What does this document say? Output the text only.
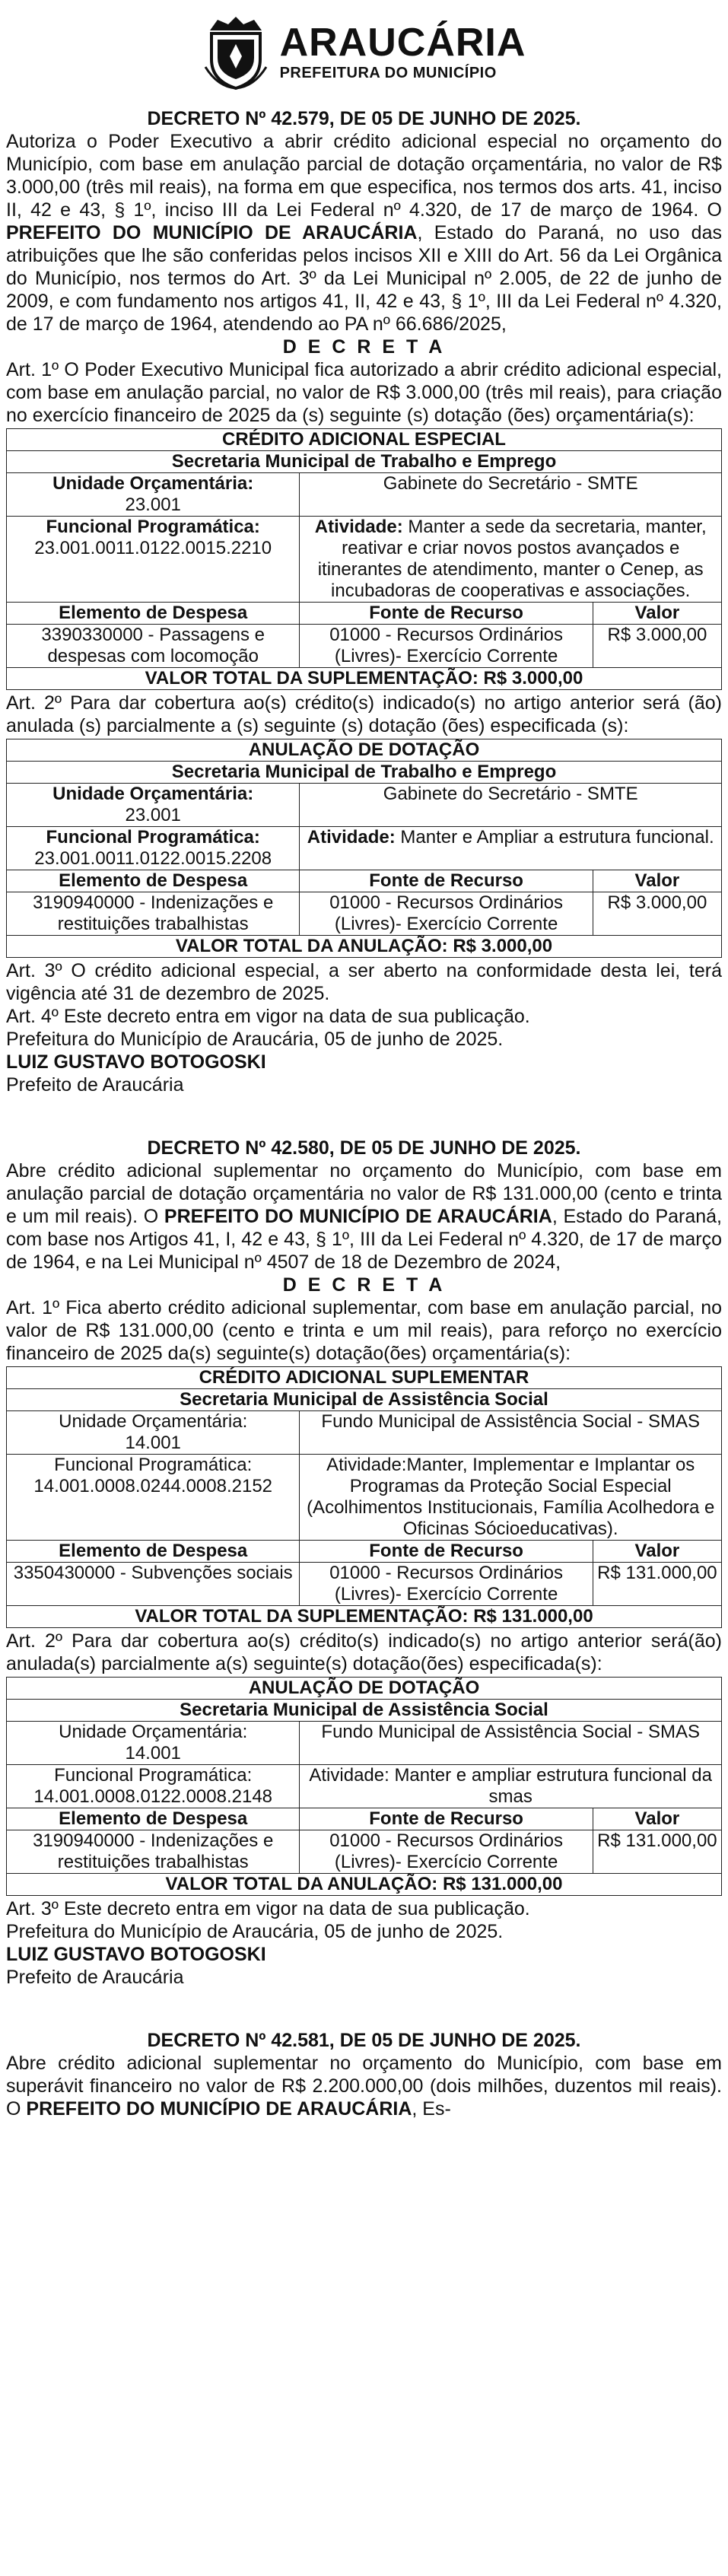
ARAUCÁRIA
PREFEITURA DO MUNICÍPIO
DECRETO Nº 42.579, DE 05 DE JUNHO DE 2025.

Autoriza o Poder Executivo a abrir crédito adicional especial no orçamento do Município, com base em anulação parcial de dotação orçamentária, no valor de R$ 3.000,00 (três mil reais), na forma em que especifica, nos termos dos arts. 41, inciso II, 42 e 43, § 1º, inciso III da Lei Federal nº 4.320, de 17 de março de 1964. O PREFEITO DO MUNICÍPIO DE ARAUCÁRIA, Estado do Paraná, no uso das atribuições que lhe são conferidas pelos incisos XII e XIII do Art. 56 da Lei Orgânica do Município, nos termos do Art. 3º da Lei Municipal nº 2.005, de 22 de junho de 2009, e com fundamento nos artigos 41, II, 42 e 43, § 1º, III da Lei Federal nº 4.320, de 17 de março de 1964, atendendo ao PA nº 66.686/2025,

D E C R E T A

Art. 1º O Poder Executivo Municipal fica autorizado a abrir crédito adicional especial, com base em anulação parcial, no valor de R$ 3.000,00 (três mil reais), para criação no exercício financeiro de 2025 da (s) seguinte (s) dotação (ões) orçamentária(s):

CRÉDITO ADICIONAL ESPECIAL		
Secretaria Municipal de Trabalho e Emprego		
Unidade Orçamentária:
23.001	Gabinete do Secretário - SMTE	
Funcional Programática:
23.001.0011.0122.0015.2210	Atividade: Manter a sede da secretaria, manter, reativar e criar novos postos avançados e itinerantes de atendimento, manter o Cenep, as incubadoras de cooperativas e associações.	
Elemento de Despesa	Fonte de Recurso	Valor
3390330000 - Passagens e despesas com locomoção	01000 - Recursos Ordinários (Livres)- Exercício Corrente	R$ 3.000,00
VALOR TOTAL DA SUPLEMENTAÇÃO: R$ 3.000,00		

Art. 2º Para dar cobertura ao(s) crédito(s) indicado(s) no artigo anterior será (ão) anulada (s) parcialmente a (s) seguinte (s) dotação (ões) especificada (s):

ANULAÇÃO DE DOTAÇÃO		
Secretaria Municipal de Trabalho e Emprego		
Unidade Orçamentária:
23.001	Gabinete do Secretário - SMTE	
Funcional Programática:
23.001.0011.0122.0015.2208	Atividade: Manter e Ampliar a estrutura funcional.	
Elemento de Despesa	Fonte de Recurso	Valor
3190940000 - Indenizações e restituições trabalhistas	01000 - Recursos Ordinários (Livres)- Exercício Corrente	R$ 3.000,00
VALOR TOTAL DA ANULAÇÃO: R$ 3.000,00		

Art. 3º O crédito adicional especial, a ser aberto na conformidade desta lei, terá vigência até 31 de dezembro de 2025.

Art. 4º Este decreto entra em vigor na data de sua publicação.

Prefeitura do Município de Araucária, 05 de junho de 2025.

LUIZ GUSTAVO BOTOGOSKI

Prefeito de Araucária

DECRETO Nº 42.580, DE 05 DE JUNHO DE 2025.

Abre crédito adicional suplementar no orçamento do Município, com base em anulação parcial de dotação orçamentária no valor de R$ 131.000,00 (cento e trinta e um mil reais). O PREFEITO DO MUNICÍPIO DE ARAUCÁRIA, Estado do Paraná, com base nos Artigos 41, I, 42 e 43, § 1º, III da Lei Federal nº 4.320, de 17 de março de 1964, e na Lei Municipal nº 4507 de 18 de Dezembro de 2024,

D E C R E T A

Art. 1º Fica aberto crédito adicional suplementar, com base em anulação parcial, no valor de R$ 131.000,00 (cento e trinta e um mil reais), para reforço no exercício financeiro de 2025 da(s) seguinte(s) dotação(ões) orçamentária(s):

CRÉDITO ADICIONAL SUPLEMENTAR		
Secretaria Municipal de Assistência Social		
Unidade Orçamentária:
14.001	Fundo Municipal de Assistência Social - SMAS	
Funcional Programática:
14.001.0008.0244.0008.2152	Atividade:Manter, Implementar e Implantar os Programas da Proteção Social Especial (Acolhimentos Institucionais, Família Acolhedora e Oficinas Sócioeducativas).	
Elemento de Despesa	Fonte de Recurso	Valor
3350430000 - Subvenções sociais	01000 - Recursos Ordinários (Livres)- Exercício Corrente	R$ 131.000,00
VALOR TOTAL DA SUPLEMENTAÇÃO: R$ 131.000,00		

Art. 2º Para dar cobertura ao(s) crédito(s) indicado(s) no artigo anterior será(ão) anulada(s) parcialmente a(s) seguinte(s) dotação(ões) especificada(s):

ANULAÇÃO DE DOTAÇÃO		
Secretaria Municipal de Assistência Social		
Unidade Orçamentária:
14.001	Fundo Municipal de Assistência Social - SMAS	
Funcional Programática:
14.001.0008.0122.0008.2148	Atividade: Manter e ampliar estrutura funcional da smas	
Elemento de Despesa	Fonte de Recurso	Valor
3190940000 - Indenizações e restituições trabalhistas	01000 - Recursos Ordinários (Livres)- Exercício Corrente	R$ 131.000,00
VALOR TOTAL DA ANULAÇÃO: R$ 131.000,00		

Art. 3º Este decreto entra em vigor na data de sua publicação.

Prefeitura do Município de Araucária, 05 de junho de 2025.

LUIZ GUSTAVO BOTOGOSKI

Prefeito de Araucária

DECRETO Nº 42.581, DE 05 DE JUNHO DE 2025.

Abre crédito adicional suplementar no orçamento do Município, com base em superávit financeiro no valor de R$ 2.200.000,00 (dois milhões, duzentos mil reais). O PREFEITO DO MUNICÍPIO DE ARAUCÁRIA, Es-
